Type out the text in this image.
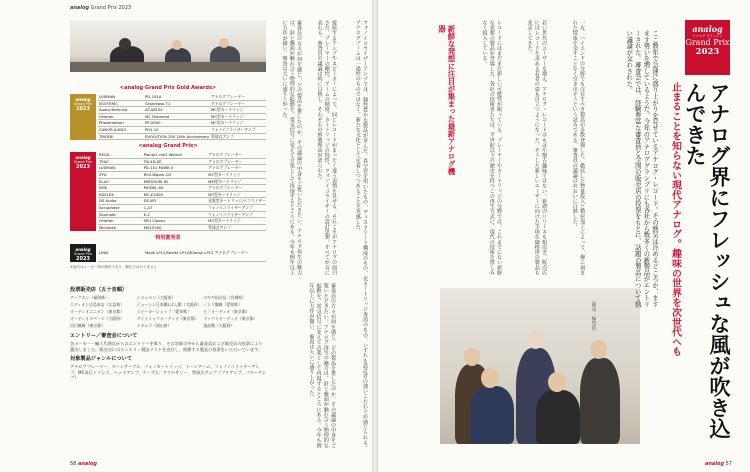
analog Grand Prix 2023
<analog Grand Prix Gold Awards>
analog
Grand Prix
2023
LUXMAN	PD-191A	アナログプレーヤー
ESOTERIC	Grandioso T1	アナログプレーヤー
Audio-Technica	AT-ART20	MC型カートリッジ
Ortofon	MC Diamond	MC型カートリッジ
Phasemation	PP-2000	MC型カートリッジ
CANOR AUDIO	PH1.10	フォノイコライザーアンプ
TRIODE	EVOLUTION 200 20th Anniversary	管球式アンプ
<analog Grand Prix>
analog
Grand Prix
2023
REGA	Planar1 mk2 Walnut	アナログプレーヤー
TEAC	TN-4D-SE	アナログプレーヤー
LUXMAN	PD-151 MARK II	アナログプレーヤー
ZYX	R50-Bloom-G5	MC型カートリッジ
ELAC	MISSOURI 60	MM型カートリッジ
SME	MODEL 60	アナログプレーヤー
EDELEX	MC-E1000	MC型カートリッジ
DS Audio	DS-W3	光電型カートリッジ/イコライザー
Accuphase	C-47	フォノイコライザーアンプ
Soulnote	E-2	フォノイコライザーアンプ
Ortofon	SPU Classic	MC型カートリッジ
McIntosh	MA12000	管球式アンプ
特別賞発表
analog
Grand Prix
2023
LINN	Majik LP12/Selekt LP12/Klimax LP12	アナログプレーヤー
※表内はメーカー別の順序であり、順位ではありません	審査員の方々が何を感じ、どの製品を推したのか。その議論の中身をご覧いただきたい。アナログ再生の魅力は、針と盤面が触れ合う物理的な振動を、電気信号に変えて音楽として再現するところにある。今年も例年以上に力作が揃い、審査は大いに盛り上がった。	接続するアンプやスピーカーによって、同じレコードがまったく違う表情を見せる。それこそがアナログの面白さだ。プレーヤーの剛性、アームの精度、カートリッジの特性、フォノイコライザーの設計思想。すべてが音に表れる。審査員の議論は時に白熱し、それぞれの推薦理由が語られた。	フォノイコライザーアンプでは、個性豊かな製品が並んだ。真空管を用いたもの、ディスクリート構成のもの、光カートリッジ専用のもの。いずれも設計者の強いこだわりが感じられる。アナログブームは一過性のものではなく、新たな文化として定着しつつあることを実感した。
審査員の方々が何を感じ、どの製品を推したのか。その議論の中身をご覧いただきたい。アナログ再生の魅力は、針と盤面が触れ合う物理的な振動を、電気信号に変えて音楽として再現するところにある。今年も例年以上に力作が揃い、審査は大いに盛り上がった。
投票販売店（五十音順）
アークカン（福岡県）	シマムセン（大阪府）	のだや仙台店（宮城県）
エディオン広島本店（広島県）	ジョーシン日本橋1ばん館（大阪府） ノムラ無線（愛知県）
オーディオユニオン（東京都）	スピーカーショップ（愛知県）	ヒノオーディオ（東京都）
オーディオスペース（大阪府）	ダイナミックオーディオ（東京都） マックスオーディオ（東京都）
河口無線（東京都）	ナカムラ（岡山県）	逸品館（大阪府）
エントリー／審査会について

各メーカー・輸入代理店からのエントリーを募り、その対象の中から審査員および販売店の投票により選出しました。販売店にはエントリー製品リストを送付し、推薦する製品に投票をいただいています。

対象製品ジャンルについて

アナログプレーヤー、ターンテーブル、フォノカートリッジ、トーンアーム、フォノイコライザーアンプ、MC昇圧トランス、ヘッドアンプ、ケーブル、アクセサリー、管球式アンプ（プリアンプ、パワーアンプ）

58 analog
レコードにはまだまだ新しい可能性が眠っている。プレーヤーやカートリッジの分野では、これまでにない新鮮な発想の製品が登場した。各社の技術者たちは、半世紀以上の歴史を持つこの再生方式に、現代の技術を惜しみなく投入している。	若い世代のユーザーも増え、アナログ・レコードはもはや懐古趣味ではない。新譜のリリースも相次ぎ、販売店にはレコードを求める若者の姿も目立つようになった。そうした新しいユーザーに向けた手頃な価格帯の製品も充実してきた。	一方、ハイエンドの分野でも注目すべき製品が多数登場した。徹底した物量投入と精密加工によって、盤に刻まれた情報を余すことなく引き出そうという試みである。審査員の議論はおおいに白熱した。
analog 57
新鮮な発想に注目が集まった最新アナログ機器
ここ数年で急速に盛り上がりを見せているアナログ・レコード。その熱気は冷めるどころか、ますます勢いを増しているようだ。今年のアナロググランプリにも各社から数多くの新製品がエントリーされた。審査会では、経験豊富な審査員と全国の販売店の投票をもとに、話題の製品について熱い議論が交わされた。
（構成：編集部）	止まることを知らない現代アナログ。趣味の世界を次世代へも	アナログ界にフレッシュな風が吹き込んできた
analog
アナログ グランプリ
Grand Prix
2023
